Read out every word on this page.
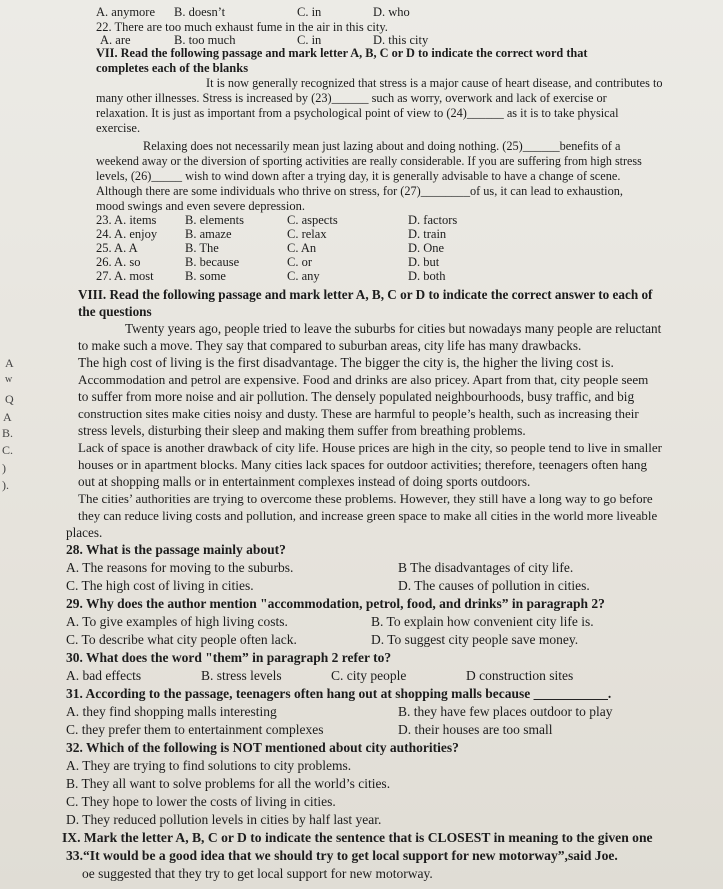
A. anymore B. doesn’t	C. in	D. who
22. There are too much exhaust fume in the air in this city.
A. are	B. too much	C. in	D. this city
VII. Read the following passage and mark letter A, B, C or D to indicate the correct word that
completes each of the blanks
It is now generally recognized that stress is a major cause of heart disease, and contributes to
many other illnesses. Stress is increased by (23)______ such as worry, overwork and lack of exercise or
relaxation. It is just as important from a psychological point of view to (24)______ as it is to take physical
exercise.
Relaxing does not necessarily mean just lazing about and doing nothing. (25)______benefits of a
weekend away or the diversion of sporting activities are really considerable. If you are suffering from high stress
levels, (26)_____ wish to wind down after a trying day, it is generally advisable to have a change of scene.
Although there are some individuals who thrive on stress, for (27)________of us, it can lead to exhaustion,
mood swings and even severe depression.
23. A. items B. elements	C. aspects	D. factors
24. A. enjoy B. amaze	C. relax	D. train
25. A. A	B. The	C. An	D. One
26. A. so	B. because	C. or	D. but
27. A. most	B. some	C. any	D. both
VIII. Read the following passage and mark letter A, B, C or D to indicate the correct answer to each of
the questions
Twenty years ago, people tried to leave the suburbs for cities but nowadays many people are reluctant
to make such a move. They say that compared to suburban areas, city life has many drawbacks.
The high cost of living is the first disadvantage. The bigger the city is, the higher the living cost is.
Accommodation and petrol are expensive. Food and drinks are also pricey. Apart from that, city people seem
to suffer from more noise and air pollution. The densely populated neighbourhoods, busy traffic, and big
construction sites make cities noisy and dusty. These are harmful to people’s health, such as increasing their
stress levels, disturbing their sleep and making them suffer from breathing problems.
Lack of space is another drawback of city life. House prices are high in the city, so people tend to live in smaller
houses or in apartment blocks. Many cities lack spaces for outdoor activities; therefore, teenagers often hang
out at shopping malls or in entertainment complexes instead of doing sports outdoors.
The cities’ authorities are trying to overcome these problems. However, they still have a long way to go before
they can reduce living costs and pollution, and increase green space to make all cities in the world more liveable
places.
A
w
Q
A
B.
C.
)
).
28. What is the passage mainly about?
A. The reasons for moving to the suburbs.	B The disadvantages of city life.
C. The high cost of living in cities.	D. The causes of pollution in cities.
29. Why does the author mention "accommodation, petrol, food, and drinks” in paragraph 2?
A. To give examples of high living costs.	B. To explain how convenient city life is.
C. To describe what city people often lack.	D. To suggest city people save money.
30. What does the word "them” in paragraph 2 refer to?
A. bad effects	B. stress levels	C. city people	D construction sites
31. According to the passage, teenagers often hang out at shopping malls because ___________.
A. they find shopping malls interesting	B. they have few places outdoor to play
C. they prefer them to entertainment complexes	D. their houses are too small
32. Which of the following is NOT mentioned about city authorities?
A. They are trying to find solutions to city problems.
B. They all want to solve problems for all the world’s cities.
C. They hope to lower the costs of living in cities.
D. They reduced pollution levels in cities by half last year.
IX. Mark the letter A, B, C or D to indicate the sentence that is CLOSEST in meaning to the given one
33.“It would be a good idea that we should try to get local support for new motorway”,said Joe.
oe suggested that they try to get local support for new motorway.
